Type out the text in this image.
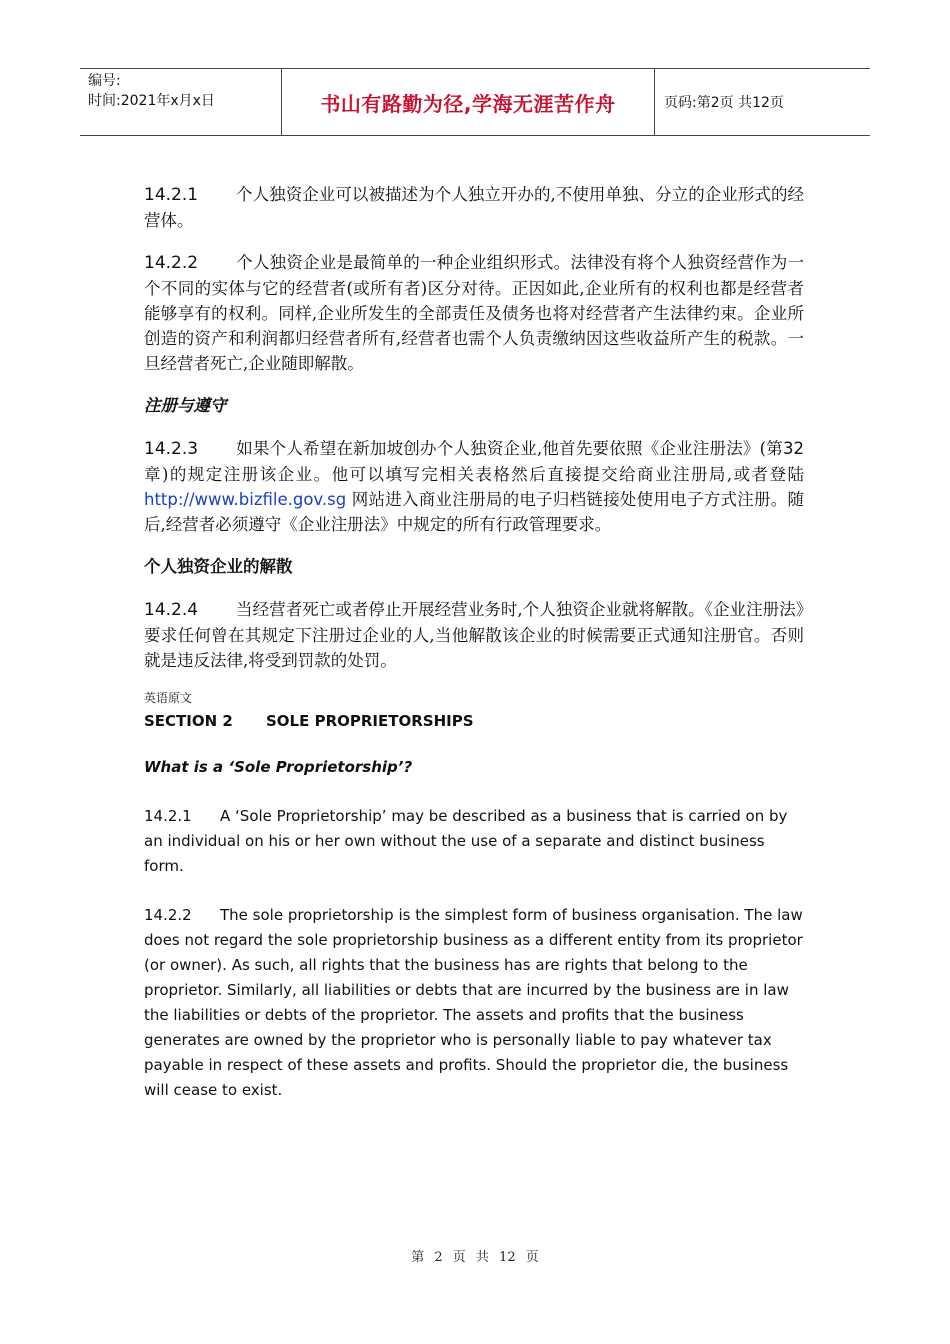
编号:
时间:2021年x月x日	书山有路勤为径,学海无涯苦作舟	页码:第2页 共12页

14.2.1 个人独资企业可以被描述为个人独立开办的,不使用单独、分立的企业形式的经营体。

14.2.2 个人独资企业是最简单的一种企业组织形式。法律没有将个人独资经营作为一个不同的实体与它的经营者(或所有者)区分对待。正因如此,企业所有的权利也都是经营者能够享有的权利。同样,企业所发生的全部责任及债务也将对经营者产生法律约束。企业所创造的资产和利润都归经营者所有,经营者也需个人负责缴纳因这些收益所产生的税款。一旦经营者死亡,企业随即解散。

注册与遵守

14.2.3 如果个人希望在新加坡创办个人独资企业,他首先要依照《企业注册法》(第32章)的规定注册该企业。他可以填写完相关表格然后直接提交给商业注册局,或者登陆 http://www.bizfile.gov.sg 网站进入商业注册局的电子归档链接处使用电子方式注册。随后,经营者必须遵守《企业注册法》中规定的所有行政管理要求。

个人独资企业的解散

14.2.4 当经营者死亡或者停止开展经营业务时,个人独资企业就将解散。《企业注册法》要求任何曾在其规定下注册过企业的人,当他解散该企业的时候需要正式通知注册官。否则就是违反法律,将受到罚款的处罚。

英语原文
SECTION 2	SOLE PROPRIETORSHIPS

What is a ‘Sole Proprietorship’?

14.2.1 A ‘Sole Proprietorship’ may be described as a business that is carried on by an individual on his or her own without the use of a separate and distinct business form.

14.2.2 The sole proprietorship is the simplest form of business organisation. The law does not regard the sole proprietorship business as a different entity from its proprietor (or owner). As such, all rights that the business has are rights that belong to the proprietor. Similarly, all liabilities or debts that are incurred by the business are in law the liabilities or debts of the proprietor. The assets and profits that the business generates are owned by the proprietor who is personally liable to pay whatever tax payable in respect of these assets and profits. Should the proprietor die, the business will cease to exist.

第 2 页 共 12 页
